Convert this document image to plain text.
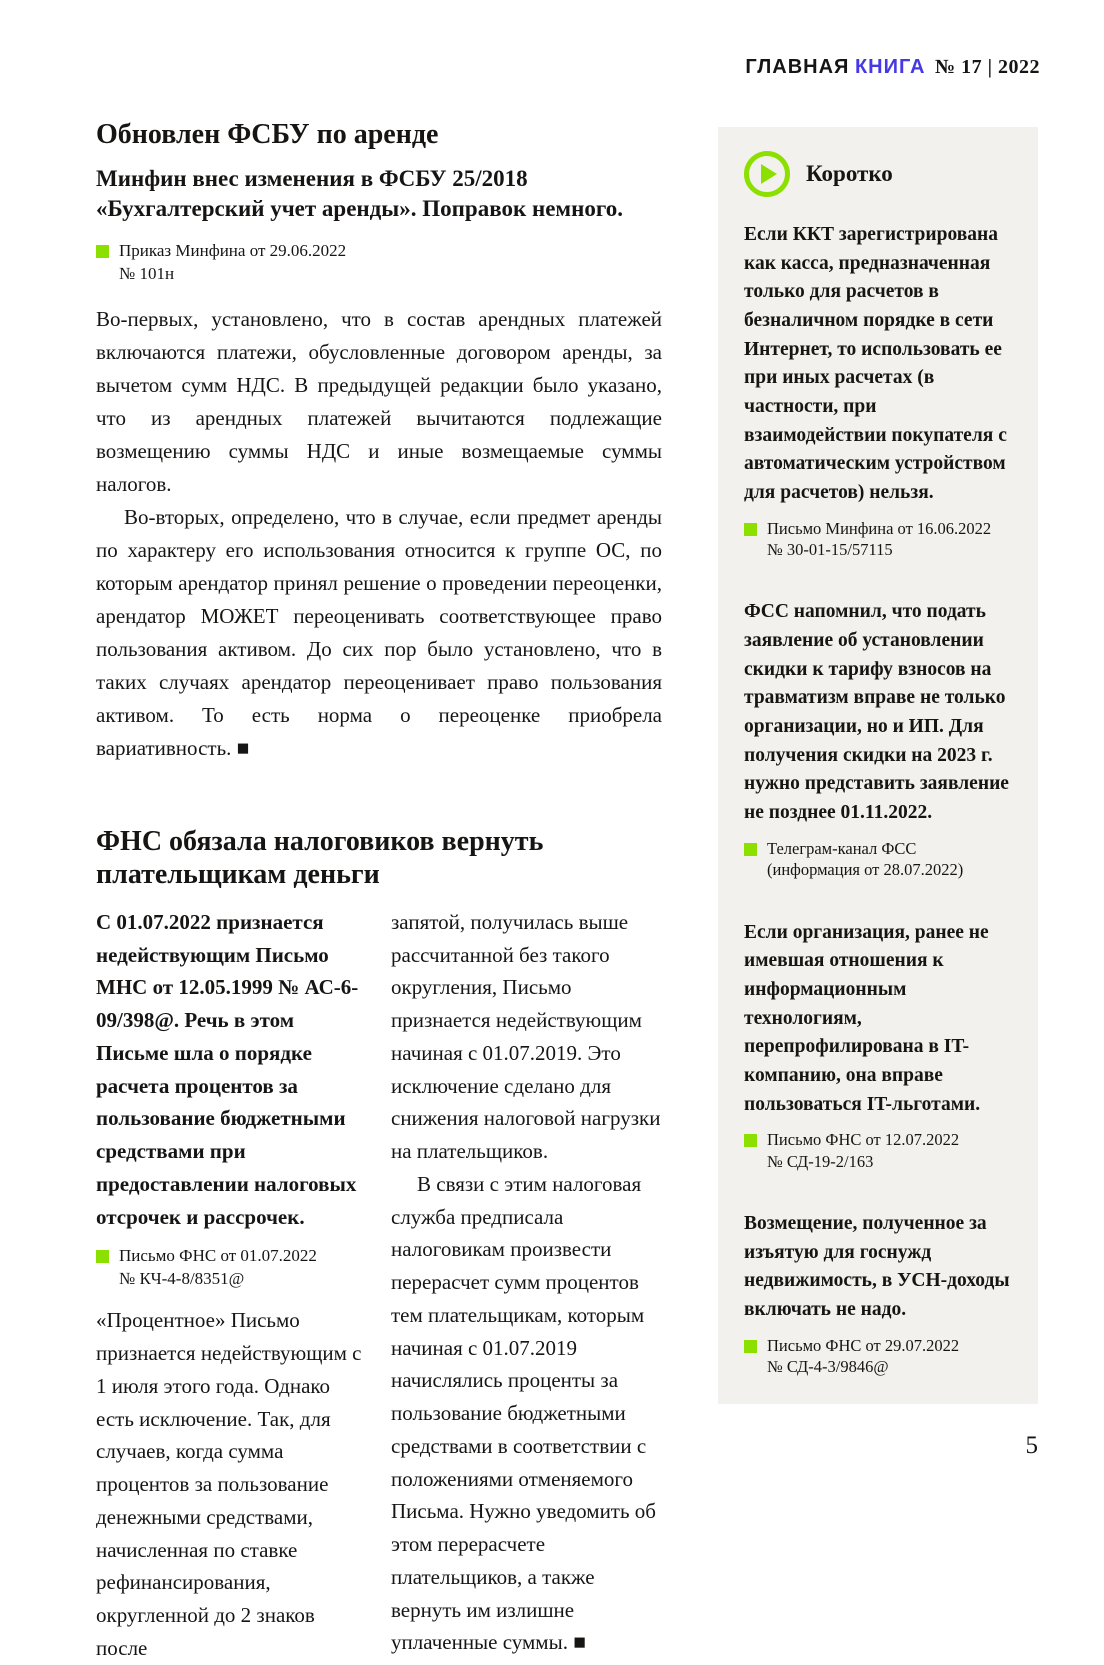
ГЛАВНАЯ КНИГА № 17 | 2022
Обновлен ФСБУ по аренде
Минфин внес изменения в ФСБУ 25/2018 «Бухгалтерский учет аренды». Поправок немного.
Приказ Минфина от 29.06.2022
№ 101н

Во-первых, установлено, что в состав арендных платежей включаются платежи, обусловленные договором аренды, за вычетом сумм НДС. В предыдущей редакции было указано, что из арендных платежей вычитаются подлежащие возмещению суммы НДС и иные возмещаемые суммы налогов.

Во-вторых, определено, что в случае, если предмет аренды по характеру его использования относится к группе ОС, по которым арендатор принял решение о проведении переоценки, арендатор МОЖЕТ переоценивать соответствующее право пользования активом. До сих пор было установлено, что в таких случаях арендатор переоценивает право пользования активом. То есть норма о переоценке приобрела вариативность. ■

ФНС обязала налоговиков вернуть плательщикам деньги

С 01.07.2022 признается недействующим Письмо МНС от 12.05.1999 № АС-6-09/398@. Речь в этом Письме шла о порядке расчета процентов за пользование бюджетными средствами при предоставлении налоговых отсрочек и рассрочек.

Письмо ФНС от 01.07.2022
№ КЧ-4-8/8351@

«Процентное» Письмо признается недействующим с 1 июля этого года. Однако есть исключение. Так, для случаев, когда сумма процентов за пользование денежными средствами, начисленная по ставке рефинансирования, округленной до 2 знаков после

запятой, получилась выше рассчитанной без такого округления, Письмо признается недействующим начиная с 01.07.2019. Это исключение сделано для снижения налоговой нагрузки на плательщиков.

В связи с этим налоговая служба предписала налоговикам произвести перерасчет сумм процентов тем плательщикам, которым начиная с 01.07.2019 начислялись проценты за пользование бюджетными средствами в соответствии с положениями отменяемого Письма. Нужно уведомить об этом перерасчете плательщиков, а также вернуть им излишне уплаченные суммы. ■

Коротко
Если ККТ зарегистрирована как касса, предназначенная только для расчетов в безналичном порядке в сети Интернет, то использовать ее при иных расчетах (в частности, при взаимодействии покупателя с автоматическим устройством для расчетов) нельзя.
Письмо Минфина от 16.06.2022
№ 30-01-15/57115
ФСС напомнил, что подать заявление об установлении скидки к тарифу взносов на травматизм вправе не только организации, но и ИП. Для получения скидки на 2023 г. нужно представить заявление не позднее 01.11.2022.
Телеграм-канал ФСС
(информация от 28.07.2022)
Если организация, ранее не имевшая отношения к информационным технологиям, перепрофилирована в IT-компанию, она вправе пользоваться IT-льготами.
Письмо ФНС от 12.07.2022
№ СД-19-2/163
Возмещение, полученное за изъятую для госнужд недвижимость, в УСН-доходы включать не надо.
Письмо ФНС от 29.07.2022
№ СД-4-3/9846@
5
